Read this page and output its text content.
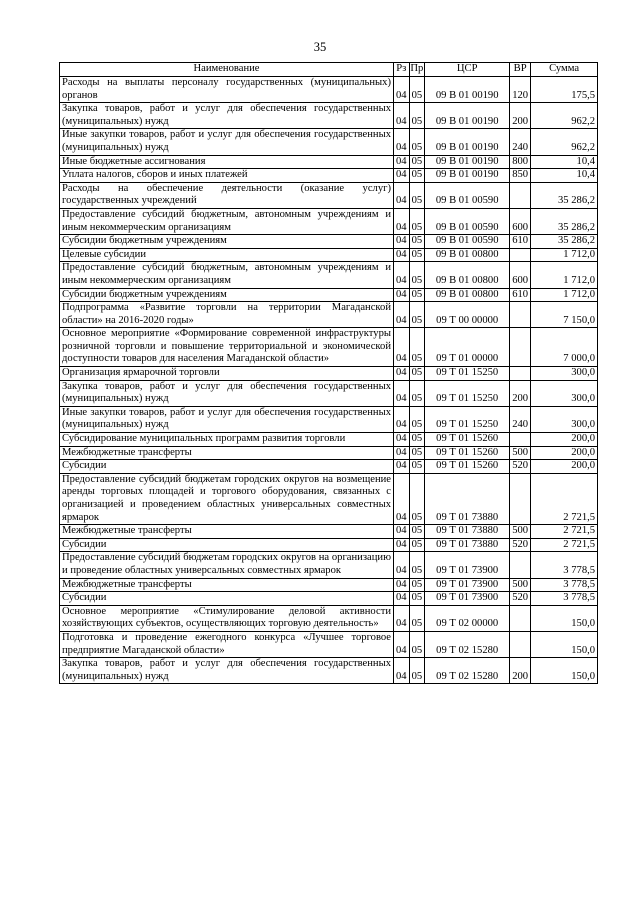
35
Наименование	Рз	Пр	ЦСР	ВР	Сумма
Расходы на выплаты персоналу государственных (муниципальных) органов	04	05	09 В 01 00190	120	175,5
Закупка товаров, работ и услуг для обеспечения государственных (муниципальных) нужд	04	05	09 В 01 00190	200	962,2
Иные закупки товаров, работ и услуг для обеспечения государственных (муниципальных) нужд	04	05	09 В 01 00190	240	962,2
Иные бюджетные ассигнования	04	05	09 В 01 00190	800	10,4
Уплата налогов, сборов и иных платежей	04	05	09 В 01 00190	850	10,4
Расходы на обеспечение деятельности (оказание услуг) государственных учреждений	04	05	09 В 01 00590		35 286,2
Предоставление субсидий бюджетным, автономным учреждениям и иным некоммерческим организациям	04	05	09 В 01 00590	600	35 286,2
Субсидии бюджетным учреждениям	04	05	09 В 01 00590	610	35 286,2
Целевые субсидии	04	05	09 В 01 00800		1 712,0
Предоставление субсидий бюджетным, автономным учреждениям и иным некоммерческим организациям	04	05	09 В 01 00800	600	1 712,0
Субсидии бюджетным учреждениям	04	05	09 В 01 00800	610	1 712,0
Подпрограмма «Развитие торговли на территории Магаданской области» на 2016-2020 годы»	04	05	09 Т 00 00000		7 150,0
Основное мероприятие «Формирование современной инфраструктуры розничной торговли и повышение территориальной и экономической доступности товаров для населения Магаданской области»	04	05	09 Т 01 00000		7 000,0
Организация ярмарочной торговли	04	05	09 Т 01 15250		300,0
Закупка товаров, работ и услуг для обеспечения государственных (муниципальных) нужд	04	05	09 Т 01 15250	200	300,0
Иные закупки товаров, работ и услуг для обеспечения государственных (муниципальных) нужд	04	05	09 Т 01 15250	240	300,0
Субсидирование муниципальных программ развития торговли	04	05	09 Т 01 15260		200,0
Межбюджетные трансферты	04	05	09 Т 01 15260	500	200,0
Субсидии	04	05	09 Т 01 15260	520	200,0
Предоставление субсидий бюджетам городских округов на возмещение аренды торговых площадей и торгового оборудования, связанных с организацией и проведением областных универсальных совместных ярмарок	04	05	09 Т 01 73880		2 721,5
Межбюджетные трансферты	04	05	09 Т 01 73880	500	2 721,5
Субсидии	04	05	09 Т 01 73880	520	2 721,5
Предоставление субсидий бюджетам городских округов на организацию и проведение областных универсальных совместных ярмарок	04	05	09 Т 01 73900		3 778,5
Межбюджетные трансферты	04	05	09 Т 01 73900	500	3 778,5
Субсидии	04	05	09 Т 01 73900	520	3 778,5
Основное мероприятие «Стимулирование деловой активности хозяйствующих субъектов, осуществляющих торговую деятельность»	04	05	09 Т 02 00000		150,0
Подготовка и проведение ежегодного конкурса «Лучшее торговое предприятие Магаданской области»	04	05	09 Т 02 15280		150,0
Закупка товаров, работ и услуг для обеспечения государственных (муниципальных) нужд	04	05	09 Т 02 15280	200	150,0
